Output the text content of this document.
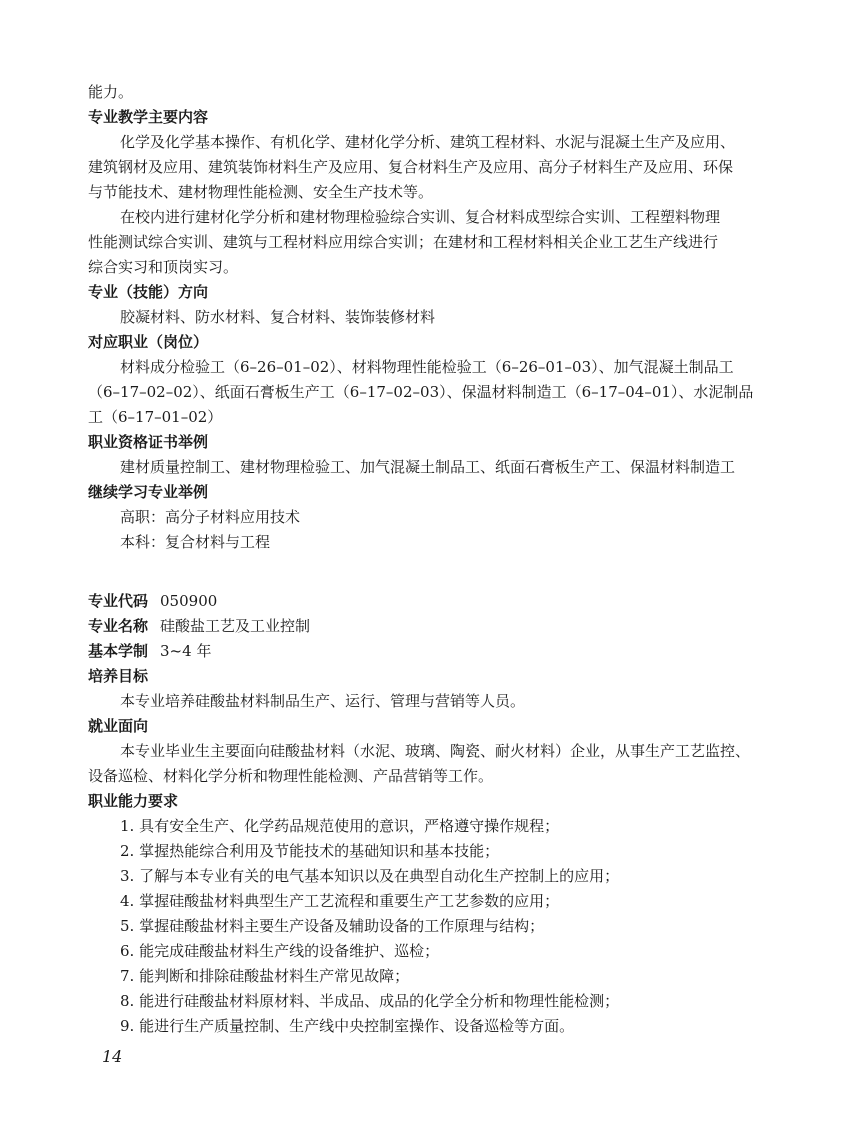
能力。
专业教学主要内容
化学及化学基本操作、有机化学、建材化学分析、建筑工程材料、水泥与混凝土生产及应用、
建筑钢材及应用、建筑装饰材料生产及应用、复合材料生产及应用、高分子材料生产及应用、环保
与节能技术、建材物理性能检测、安全生产技术等。
在校内进行建材化学分析和建材物理检验综合实训、复合材料成型综合实训、工程塑料物理
性能测试综合实训、建筑与工程材料应用综合实训；在建材和工程材料相关企业工艺生产线进行
综合实习和顶岗实习。
专业（技能）方向
胶凝材料、防水材料、复合材料、装饰装修材料
对应职业（岗位）
材料成分检验工（6–26–01–02）、材料物理性能检验工（6–26–01–03）、加气混凝土制品工
（6–17–02–02）、纸面石膏板生产工（6–17–02–03）、保温材料制造工（6–17–04–01）、水泥制品
工（6–17–01–02）
职业资格证书举例
建材质量控制工、建材物理检验工、加气混凝土制品工、纸面石膏板生产工、保温材料制造工
继续学习专业举例
高职：高分子材料应用技术
本科：复合材料与工程
专业代码 050900
专业名称 硅酸盐工艺及工业控制
基本学制 3~4 年
培养目标
本专业培养硅酸盐材料制品生产、运行、管理与营销等人员。
就业面向
本专业毕业生主要面向硅酸盐材料（水泥、玻璃、陶瓷、耐火材料）企业，从事生产工艺监控、
设备巡检、材料化学分析和物理性能检测、产品营销等工作。
职业能力要求
1. 具有安全生产、化学药品规范使用的意识，严格遵守操作规程；
2. 掌握热能综合利用及节能技术的基础知识和基本技能；
3. 了解与本专业有关的电气基本知识以及在典型自动化生产控制上的应用；
4. 掌握硅酸盐材料典型生产工艺流程和重要生产工艺参数的应用；
5. 掌握硅酸盐材料主要生产设备及辅助设备的工作原理与结构；
6. 能完成硅酸盐材料生产线的设备维护、巡检；
7. 能判断和排除硅酸盐材料生产常见故障；
8. 能进行硅酸盐材料原材料、半成品、成品的化学全分析和物理性能检测；
9. 能进行生产质量控制、生产线中央控制室操作、设备巡检等方面。
14
